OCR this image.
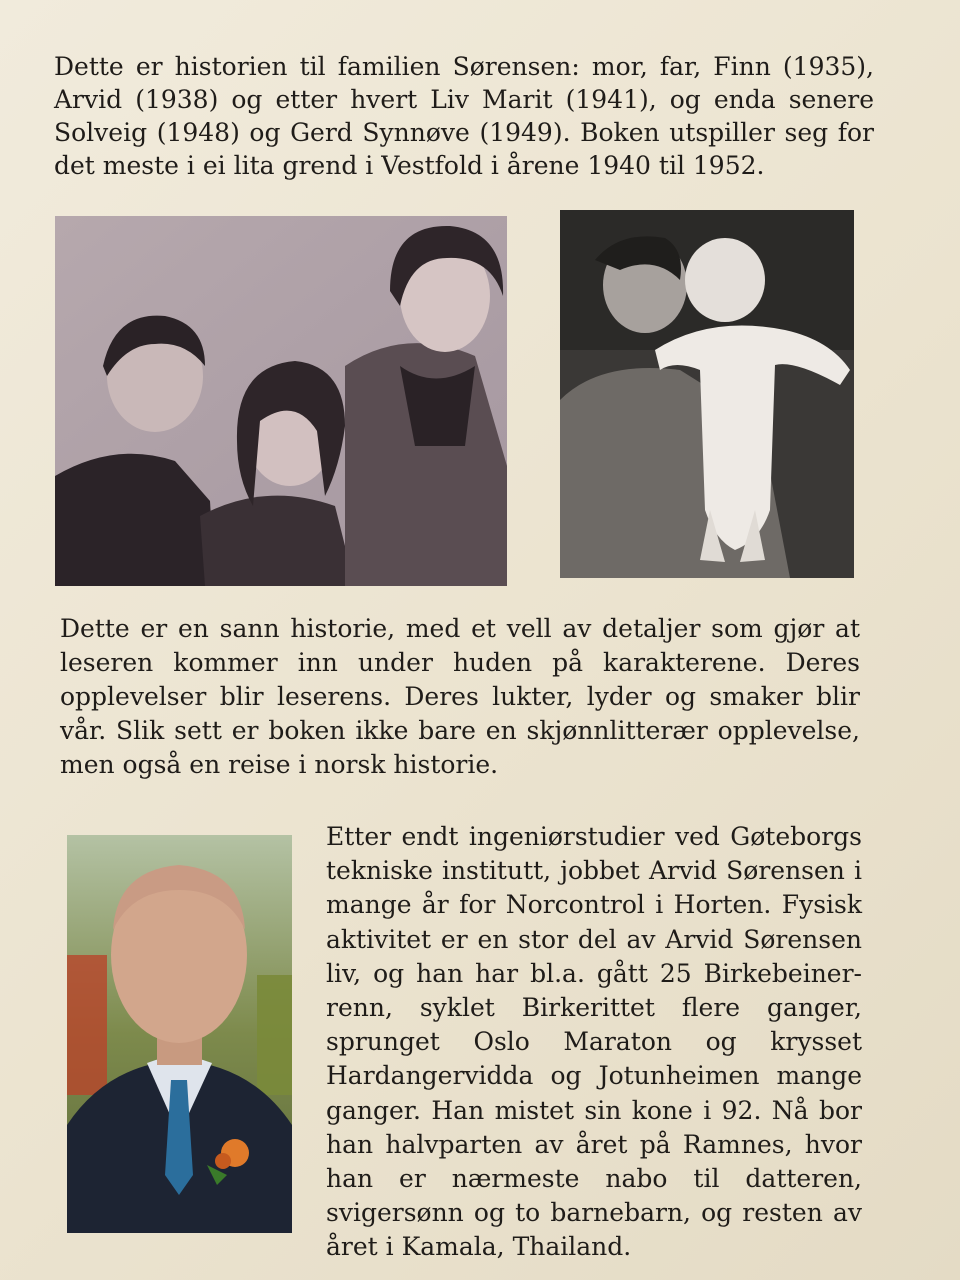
Dette er historien til familien Sørensen: mor, far, Finn (1935), Arvid (1938) og etter hvert Liv Marit (1941), og enda senere Solveig (1948) og Gerd Synnøve (1949). Boken utspiller seg for det meste i ei lita grend i Vestfold i årene 1940 til 1952.

Dette er en sann historie, med et vell av detaljer som gjør at leseren kommer inn under huden på karakterene. Deres opplevelser blir leserens. Deres lukter, lyder og smaker blir vår. Slik sett er boken ikke bare en skjønnlitterær opplevelse, men også en reise i norsk historie.

Etter endt ingeniørstudier ved Gøteborgs tekniske institutt, jobbet Arvid Sørensen i mange år for Norcontrol i Horten. Fysisk aktivitet er en stor del av Arvid Sørensen liv, og han har bl.a. gått 25 Birkebeinerrenn, syklet Birkerittet flere ganger, sprunget Oslo Maraton og krysset Hardangervidda og Jotunheimen mange ganger. Han mistet sin kone i 92. Nå bor han halvparten av året på Ramnes, hvor han er nærmeste nabo til datteren, svigersønn og to barnebarn, og resten av året i Kamala, Thailand.
